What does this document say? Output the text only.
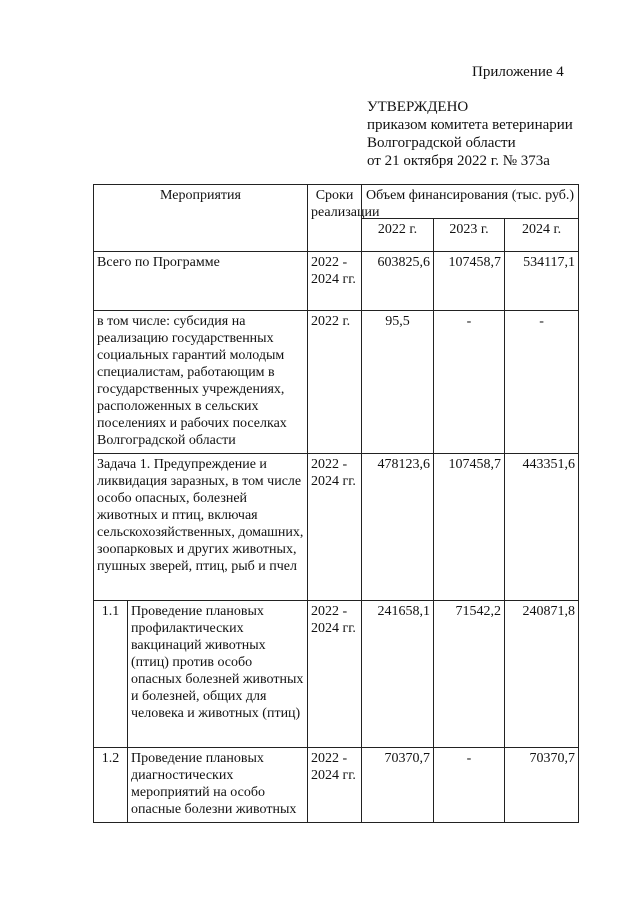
Приложение 4
УТВЕРЖДЕНО
приказом комитета ветеринарии
Волгоградской области
от 21 октября 2022 г. № 373а
Мероприятия		Сроки реализации	Объем финансирования (тыс. руб.)		
			2022 г.	2023 г.	2024 г.
Всего по Программе		2022 - 2024 гг.	603825,6	107458,7	534117,1
в том числе: субсидия на реализацию государственных социальных гарантий молодым специалистам, работающим в государственных учреждениях, расположенных в сельских поселениях и рабочих поселках Волгоградской области		2022 г.	95,5	-	-
Задача 1. Предупреждение и ликвидация заразных, в том числе особо опасных, болезней животных и птиц, включая сельскохозяйственных, домашних, зоопарковых и других животных, пушных зверей, птиц, рыб и пчел		2022 - 2024 гг.	478123,6	107458,7	443351,6
1.1	Проведение плановых профилактических вакцинаций животных (птиц) против особо опасных болезней животных и болезней, общих для человека и животных (птиц)	2022 - 2024 гг.	241658,1	71542,2	240871,8
1.2	Проведение плановых диагностических мероприятий на особо опасные болезни животных	2022 - 2024 гг.	70370,7	-	70370,7
